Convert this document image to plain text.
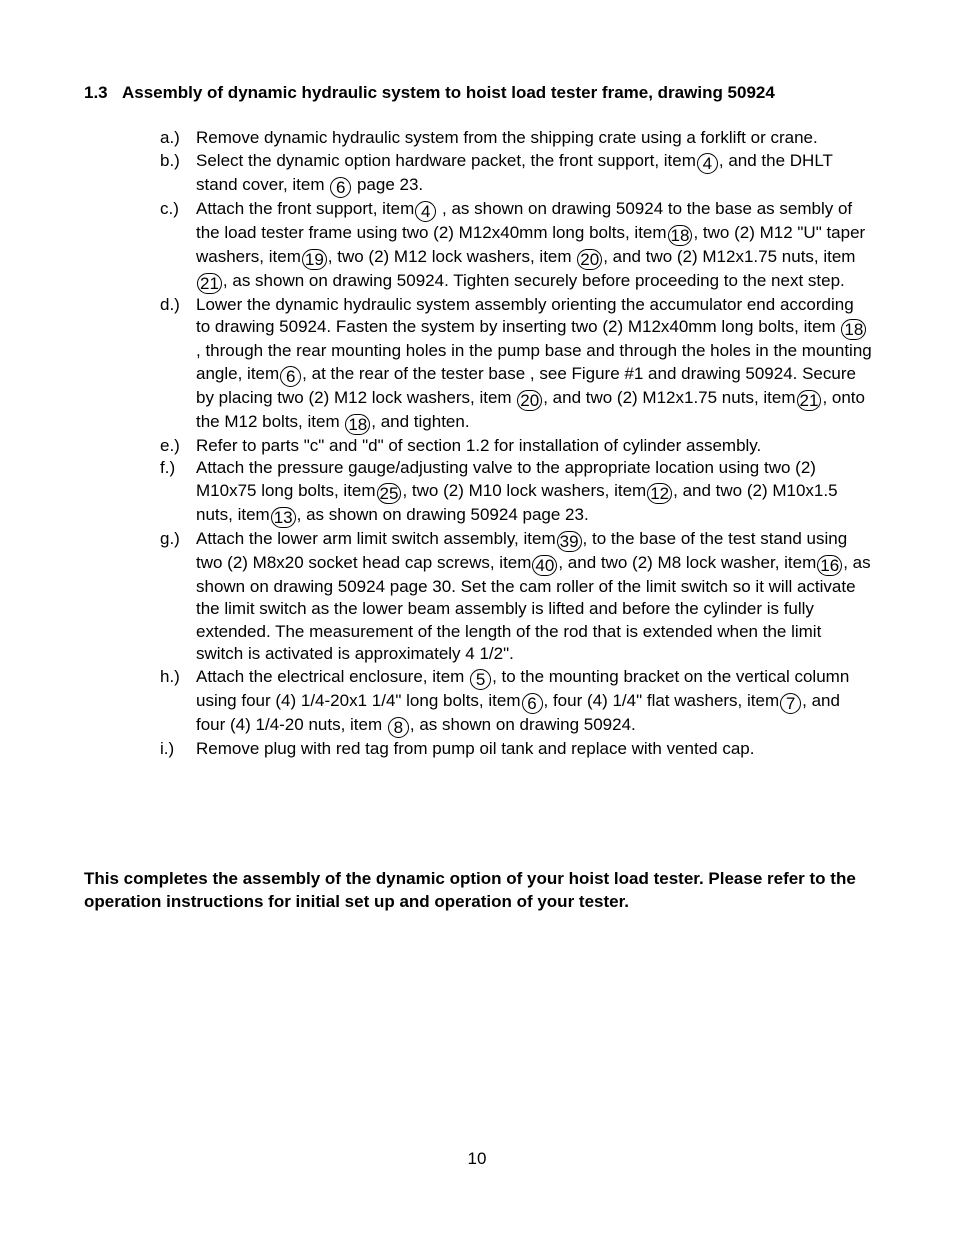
1.3 Assembly of dynamic hydraulic system to hoist load tester frame, drawing 50924
a.) Remove dynamic hydraulic system from the shipping crate using a forklift or crane.
b.) Select the dynamic option hardware packet, the front support, item 4 , and the DHLT stand cover, item 6 page 23.
c.) Attach the front support, item 4 , as shown on drawing 50924 to the base as sembly of the load tester frame using two (2) M12x40mm long bolts, item 18 , two (2) M12 "U" taper washers, item 19 , two (2) M12 lock washers, item 20 , and two (2) M12x1.75 nuts, item21 , as shown on drawing 50924. Tighten securely before proceeding to the next step.
d.) Lower the dynamic hydraulic system assembly orienting the accumulator end according to drawing 50924. Fasten the system by inserting two (2) M12x40mm long bolts, item 18, through the rear mounting holes in the pump base and through the holes in the mounting angle, item 6 , at the rear of the tester base , see Figure #1 and drawing 50924. Secure by placing two (2) M12 lock washers, item 20 , and two (2) M12x1.75 nuts, item 21 , onto the M12 bolts, item 18 , and tighten.
e.) Refer to parts "c" and "d" of section 1.2 for installation of cylinder assembly.
f.) Attach the pressure gauge/adjusting valve to the appropriate location using two (2) M10x75 long bolts, item 25 , two (2) M10 lock washers, item 12 , and two (2) M10x1.5 nuts, item 13 , as shown on drawing 50924 page 23.
g.) Attach the lower arm limit switch assembly, item 39 , to the base of the test stand using two (2) M8x20 socket head cap screws, item 40 , and two (2) M8 lock washer, item 16 , as shown on drawing 50924 page 30. Set the cam roller of the limit switch so it will activate the limit switch as the lower beam assembly is lifted and before the cylinder is fully extended. The measurement of the length of the rod that is extended when the limit switch is activated is approximately 4 1/2".
h.) Attach the electrical enclosure, item 5 , to the mounting bracket on the vertical column using four (4) 1/4-20x1 1/4" long bolts, item 6 , four (4) 1/4" flat washers, item 7 , and four (4) 1/4-20 nuts, item 8 , as shown on drawing 50924.
i.) Remove plug with red tag from pump oil tank and replace with vented cap.
This completes the assembly of the dynamic option of your hoist load tester. Please refer to the operation instructions for initial set up and operation of your tester.
10
